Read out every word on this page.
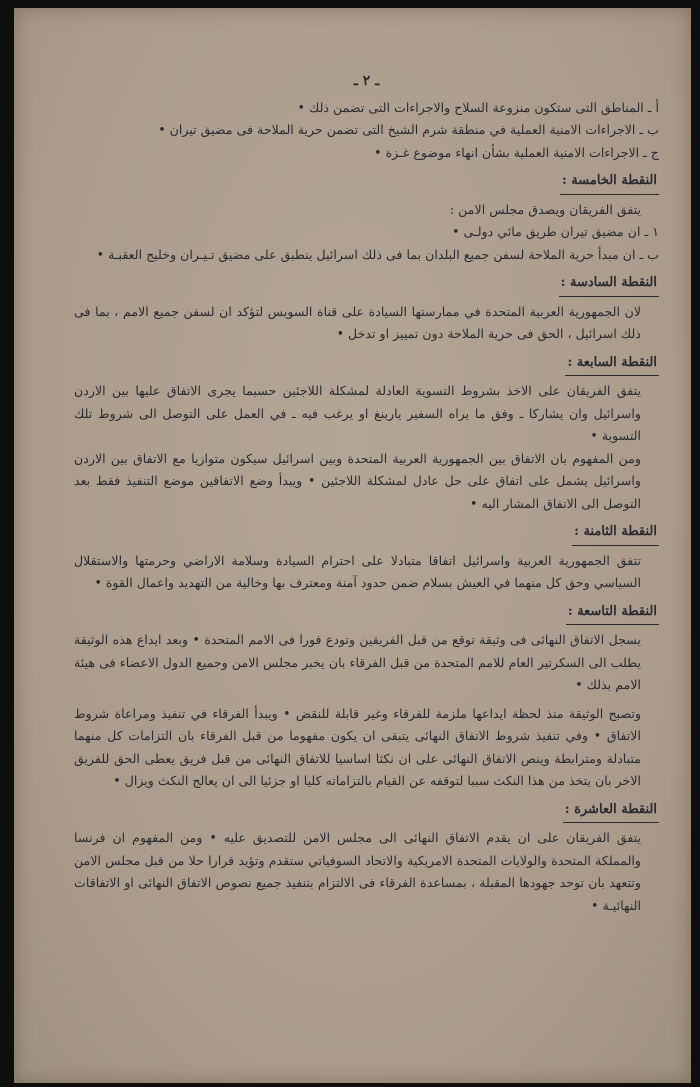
ـ ٢ ـ
أ ـ المناطق التى ستكون منزوعة السلاح والاجراءات التى تضمن ذلك •
ب ـ الاجراءات الامنية العملية في منطقة شرم الشيخ التى تضمن حرية الملاحة فى مضيق تيران •
ج ـ الاجراءات الامنية العملية بشأن انهاء موضوع غـزة •
النقطة الخامسة :
يتفق الفريقان ويصدق مجلس الامن :
١ ـ ان مضيق تيران طريق مائي دولـى •

ب ـ ان مبدأ حرية الملاحة لسفن جميع البلدان بما فى ذلك اسرائيل ينطبق على مضيق تـيـران وخليج العقبـة •

النقطة السادسة :

لان الجمهورية العربية المتحدة في ممارستها السيادة على قناة السويس لتؤكد ان لسفن جميع الامم ، بما فى ذلك اسرائيل ، الحق فى حرية الملاحة دون تمييز او تدخل •

النقطة السابعة :

يتفق الفريقان على الاخذ بشروط التسوية العادلة لمشكلة اللاجئين حسبما يجرى الاتفاق عليها بين الاردن واسرائيل وان يشاركا ـ وفق ما يراه السفير يارينغ او يرغب فيه ـ في العمل على التوصل الى شروط تلك التسوية •

ومن المفهوم بان الاتفاق بين الجمهورية العربية المتحدة وبين اسرائيل سيكون متوازيا مع الاتفاق بين الاردن واسرائيل يشمل على اتفاق على حل عادل لمشكلة اللاجئين • ويبدأ وضع الاتفاقين موضع التنفيذ فقط بعد التوصل الى الاتفاق المشار اليه •

النقطة الثامنة :

تتفق الجمهورية العربية واسرائيل اتفاقا متبادلا على احترام السيادة وسلامة الاراضي وحرمتها والاستقلال السياسي وحق كل منهما في العيش بسلام ضمن حدود آمنة ومعترف بها وخالية من التهديد واعمال القوة •

النقطة التاسعة :

يسجل الاتفاق النهائى فى وثيقة توقع من قبل الفريقين وتودع فورا فى الامم المتحدة • وبعد ايداع هذه الوثيقة يطلب الى السكرتير العام للامم المتحدة من قبل الفرقاء بان يخبر مجلس الامن وجميع الدول الاعضاء فى هيئة الامم بذلك •

وتصبح الوثيقة منذ لحظة ايداعها ملزمة للفرقاء وغير قابلة للنقض • ويبدأ الفرقاء في تنفيذ ومراعاة شروط الاتفاق • وفي تنفيذ شروط الاتفاق النهائى يتبقى ان يكون مفهوما من قبل الفرقاء بان التزامات كل منهما متبادلة ومترابطة وينص الاتفاق النهائى على ان نكثا اساسيا للاتفاق النهائى من قبل فريق يعطى الحق للفريق الاخر بان يتخذ من هذا النكث سببا لتوقفه عن القيام بالتزاماته كليا او جزئيا الى ان يعالج النكث ويزال •

النقطة العاشرة :

يتفق الفريقان على ان يقدم الاتفاق النهائى الى مجلس الامن للتصديق عليه • ومن المفهوم ان فرنسا والمملكة المتحدة والولايات المتحدة الامريكية والاتحاد السوفياتي ستقدم وتؤيد قرارا حلا من قبل مجلس الامن وتتعهد بان توحد جهودها المقبلة ، بمساعدة الفرقاء فى الالتزام بتنفيذ جميع نصوص الاتفاق النهائى او الاتفاقات النهائيـة •
